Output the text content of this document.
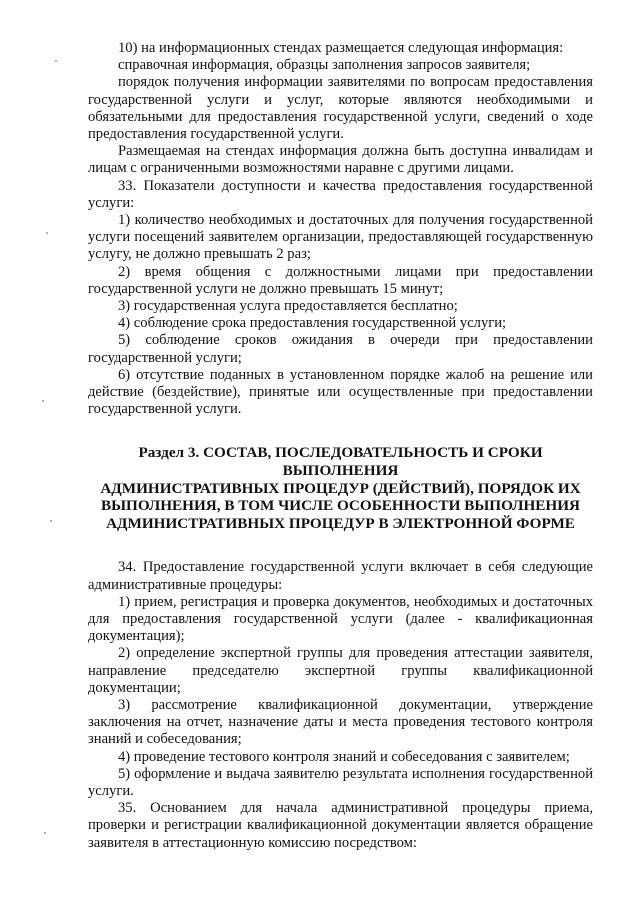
10) на информационных стендах размещается следующая информация:

справочная информация, образцы заполнения запросов заявителя;

порядок получения информации заявителями по вопросам предоставления государственной услуги и услуг, которые являются необходимыми и обязательными для предоставления государственной услуги, сведений о ходе предоставления государственной услуги.

Размещаемая на стендах информация должна быть доступна инвалидам и лицам с ограниченными возможностями наравне с другими лицами.

33. Показатели доступности и качества предоставления государственной услуги:

1) количество необходимых и достаточных для получения государственной услуги посещений заявителем организации, предоставляющей государственную услугу, не должно превышать 2 раз;

2) время общения с должностными лицами при предоставлении государственной услуги не должно превышать 15 минут;

3) государственная услуга предоставляется бесплатно;

4) соблюдение срока предоставления государственной услуги;

5) соблюдение сроков ожидания в очереди при предоставлении государственной услуги;

6) отсутствие поданных в установленном порядке жалоб на решение или действие (бездействие), принятые или осуществленные при предоставлении государственной услуги.

Раздел 3. СОСТАВ, ПОСЛЕДОВАТЕЛЬНОСТЬ И СРОКИ ВЫПОЛНЕНИЯ
АДМИНИСТРАТИВНЫХ ПРОЦЕДУР (ДЕЙСТВИЙ), ПОРЯДОК ИХ
ВЫПОЛНЕНИЯ, В ТОМ ЧИСЛЕ ОСОБЕННОСТИ ВЫПОЛНЕНИЯ
АДМИНИСТРАТИВНЫХ ПРОЦЕДУР В ЭЛЕКТРОННОЙ ФОРМЕ

34. Предоставление государственной услуги включает в себя следующие административные процедуры:

1) прием, регистрация и проверка документов, необходимых и достаточных для предоставления государственной услуги (далее - квалификационная документация);

2) определение экспертной группы для проведения аттестации заявителя, направление председателю экспертной группы квалификационной документации;

3) рассмотрение квалификационной документации, утверждение заключения на отчет, назначение даты и места проведения тестового контроля знаний и собеседования;

4) проведение тестового контроля знаний и собеседования с заявителем;

5) оформление и выдача заявителю результата исполнения государственной услуги.

35. Основанием для начала административной процедуры приема, проверки и регистрации квалификационной документации является обращение заявителя в аттестационную комиссию посредством:
